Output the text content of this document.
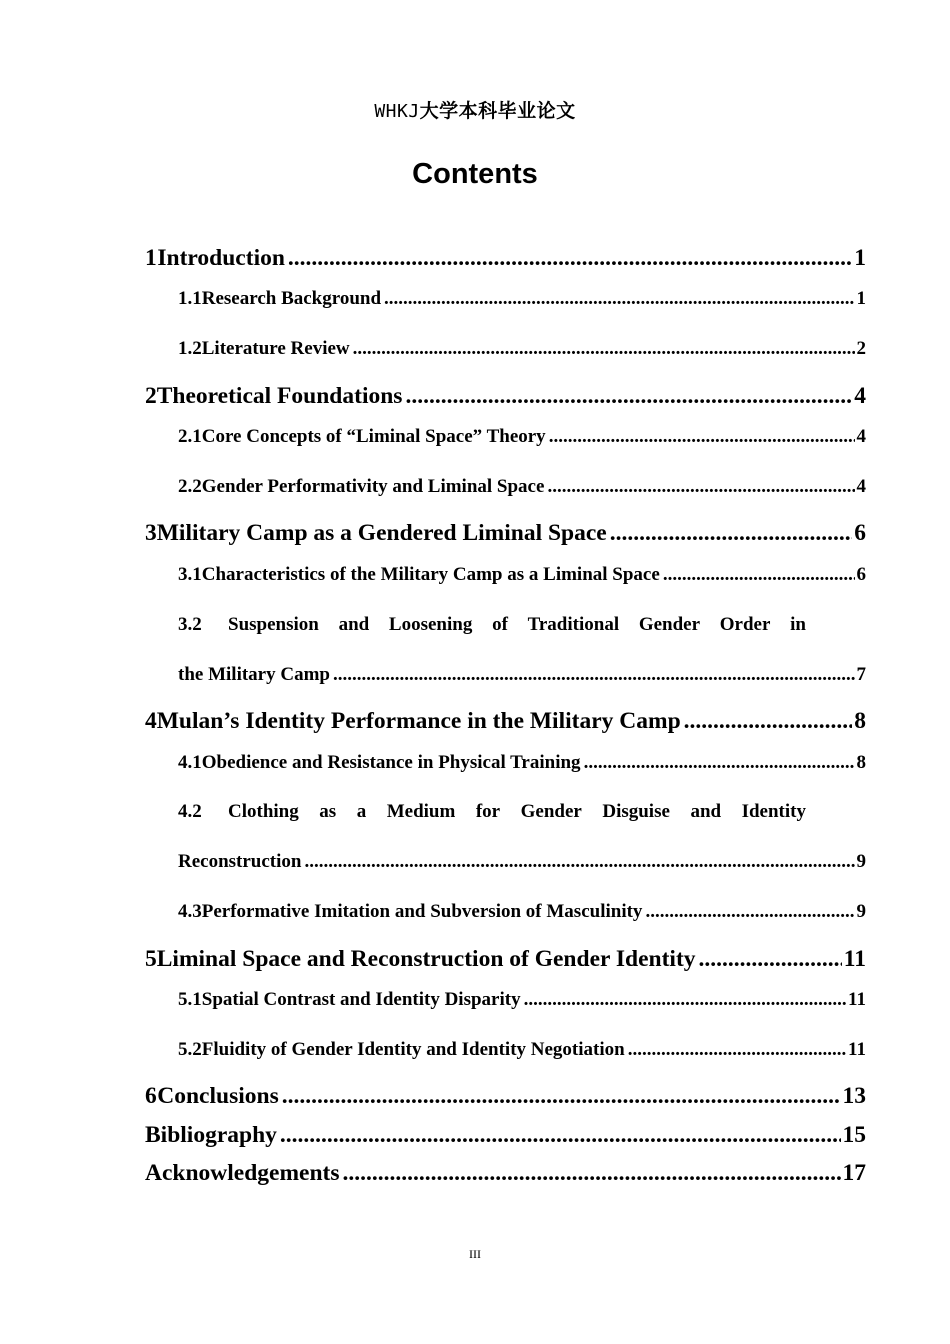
WHKJ大学本科毕业论文
Contents
1 Introduction .....	1
1.1 Research Background .....	1
1.2 Literature Review .....	2
2 Theoretical Foundations .....	4
2.1 Core Concepts of “Liminal Space” Theory .....	4
2.2 Gender Performativity and Liminal Space .....	4
3 Military Camp as a Gendered Liminal Space .....	6
3.1 Characteristics of the Military Camp as a Liminal Space .....	6
3.2	Suspension and Loosening of Traditional Gender Order in
the Military Camp .....	7
4 Mulan’s Identity Performance in the Military Camp .....	8
4.1 Obedience and Resistance in Physical Training .....	8
4.2	Clothing as a Medium for Gender Disguise and Identity
Reconstruction .....	9
4.3 Performative Imitation and Subversion of Masculinity .....	9
5 Liminal Space and Reconstruction of Gender Identity .....	11
5.1 Spatial Contrast and Identity Disparity .....	11
5.2 Fluidity of Gender Identity and Identity Negotiation .....	11
6 Conclusions .....	13
Bibliography .....	15
Acknowledgements .....	17
III
